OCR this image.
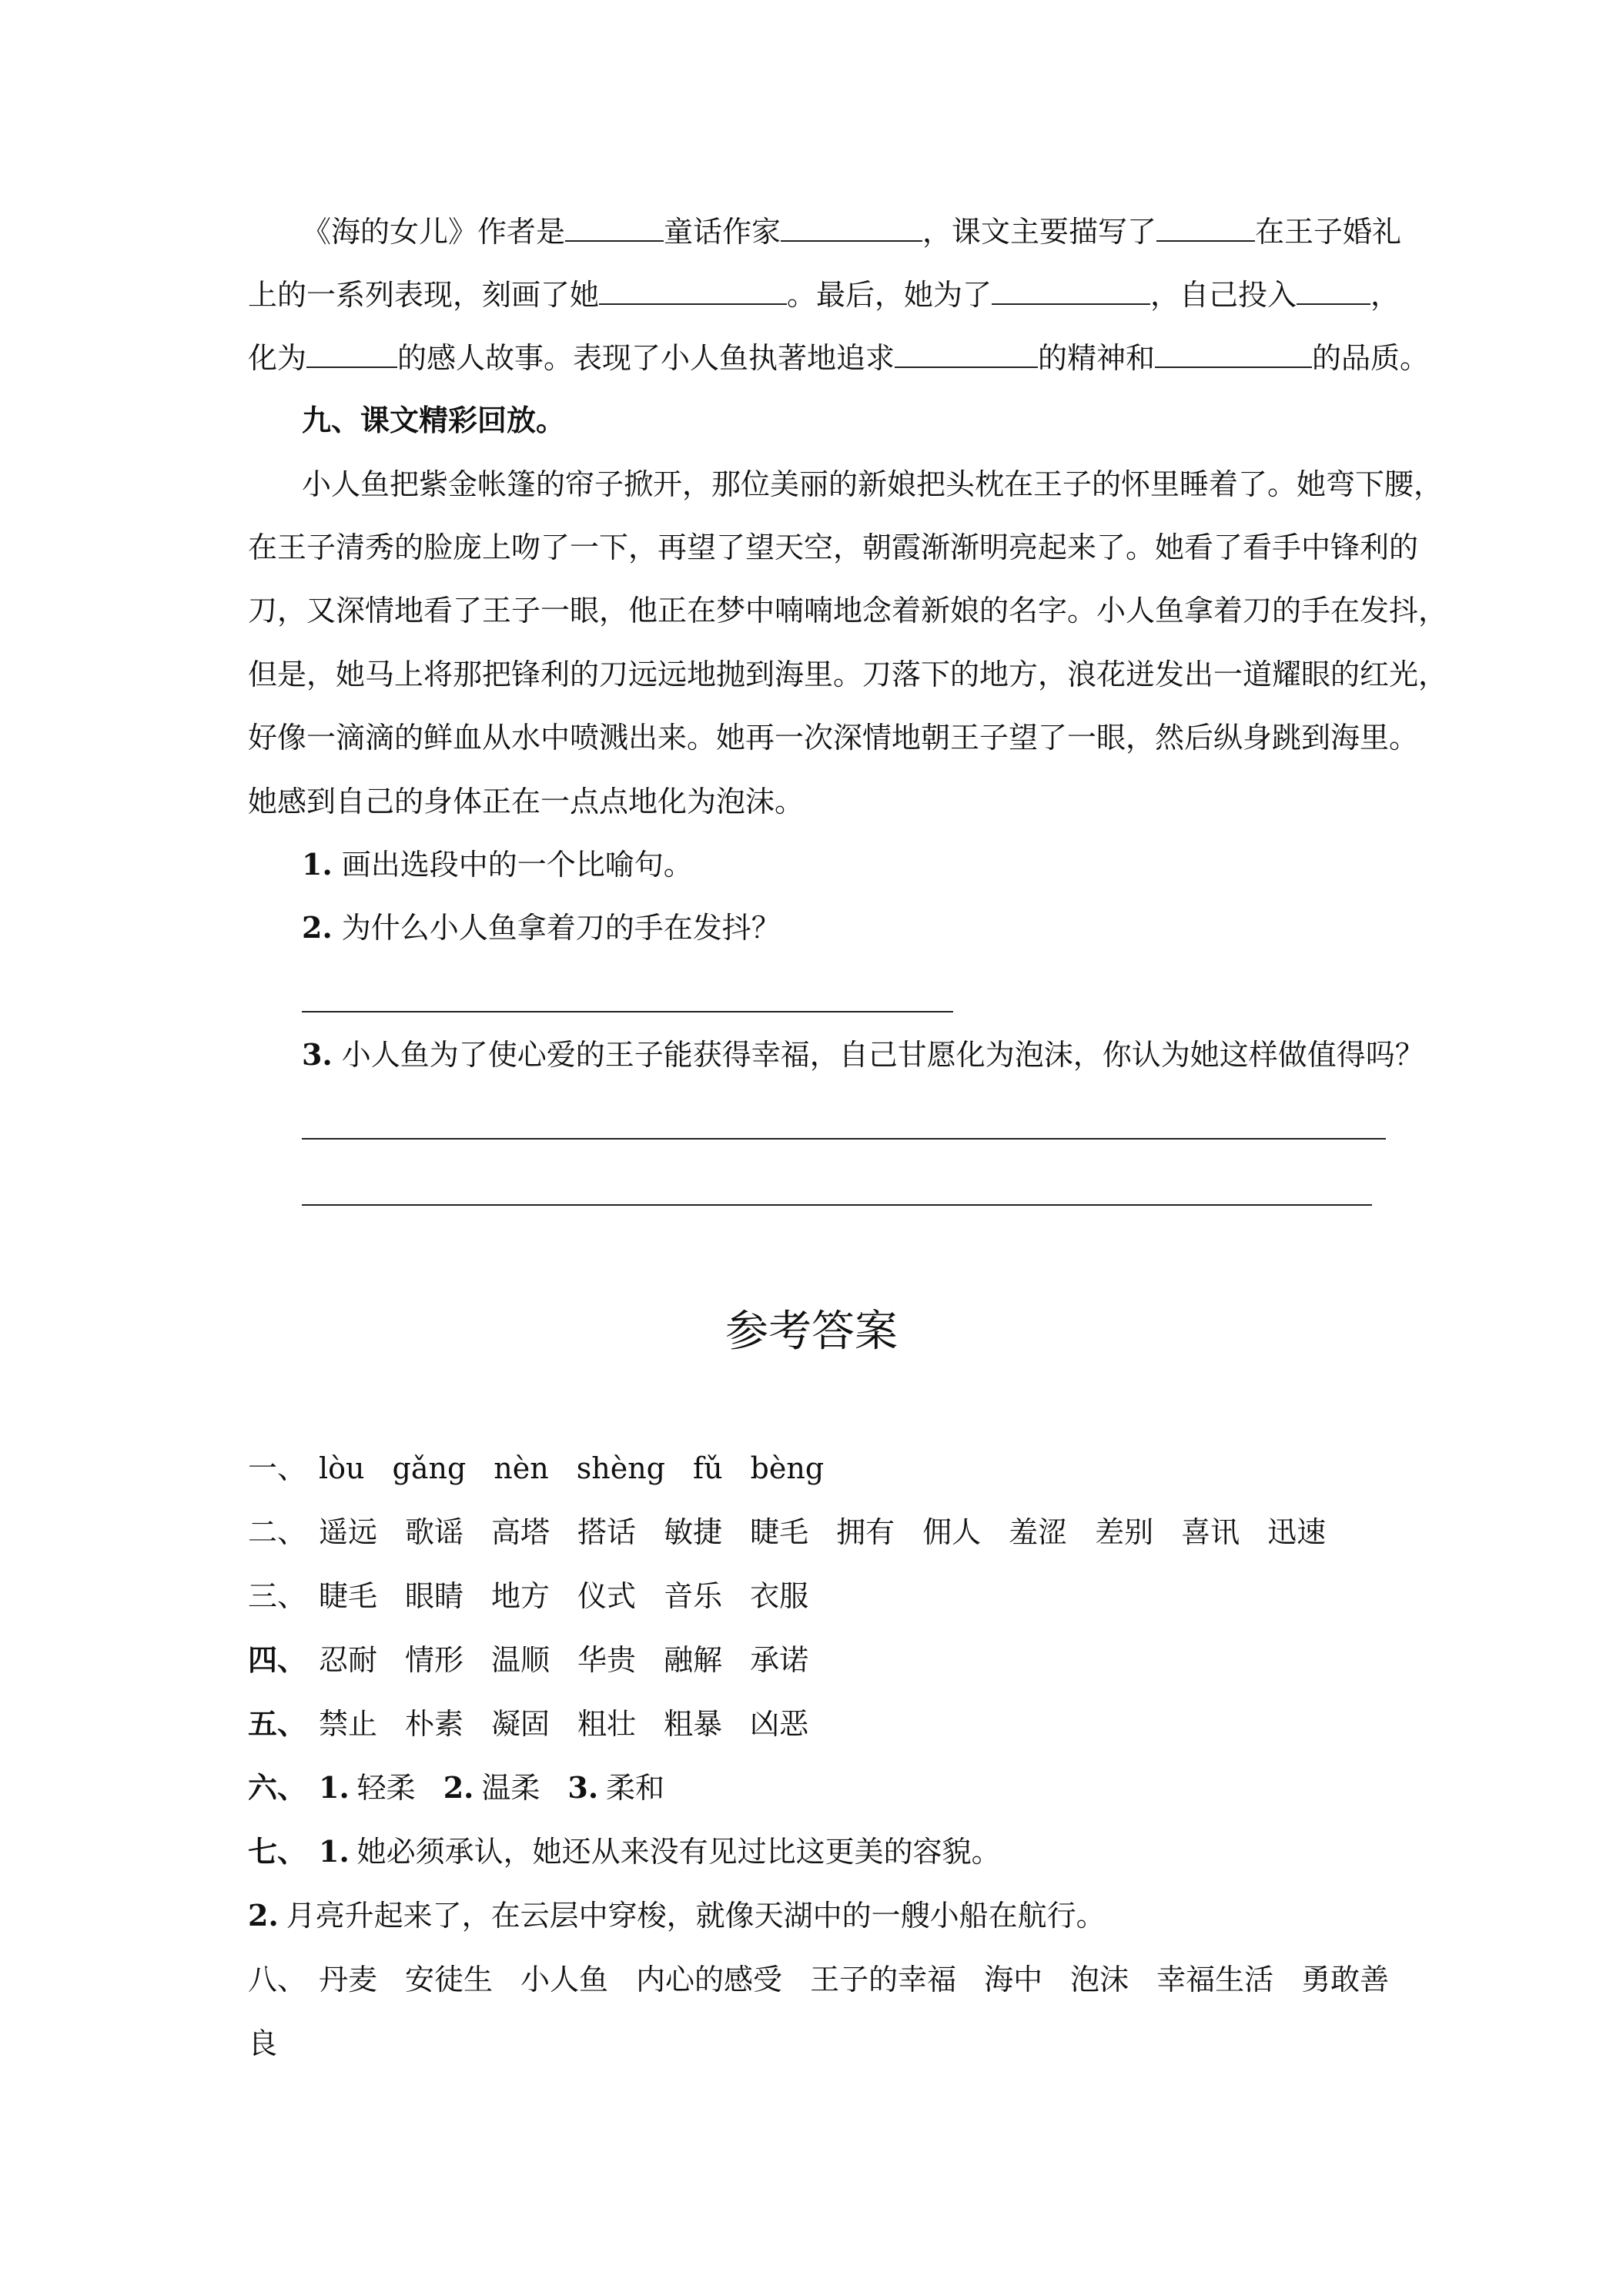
《海的女儿》作者是	童话作家	，课文主要描写了	在王子婚礼
上的一系列表现，刻画了她	。最后，她为了	，自己投入	，
化为	的感人故事。表现了小人鱼执著地追求	的精神和	的品质。
九、课文精彩回放。
小人鱼把紫金帐篷的帘子掀开，那位美丽的新娘把头枕在王子的怀里睡着了。她弯下腰，
在王子清秀的脸庞上吻了一下，再望了望天空，朝霞渐渐明亮起来了。她看了看手中锋利的
刀，又深情地看了王子一眼，他正在梦中喃喃地念着新娘的名字。小人鱼拿着刀的手在发抖，
但是，她马上将那把锋利的刀远远地抛到海里。刀落下的地方，浪花迸发出一道耀眼的红光，
好像一滴滴的鲜血从水中喷溅出来。她再一次深情地朝王子望了一眼，然后纵身跳到海里。
她感到自己的身体正在一点点地化为泡沫。
1. 画出选段中的一个比喻句。
2. 为什么小人鱼拿着刀的手在发抖？
3. 小人鱼为了使心爱的王子能获得幸福，自己甘愿化为泡沫，你认为她这样做值得吗？
参考答案
一、 lòu gǎng nèn shèng fǔ bèng
二、 遥远 歌谣 高塔 搭话 敏捷 睫毛 拥有 佣人 羞涩 差别 喜讯 迅速
三、 睫毛 眼睛 地方 仪式 音乐 衣服
四、 忍耐 情形 温顺 华贵 融解 承诺
五、 禁止 朴素 凝固 粗壮 粗暴 凶恶
六、 1. 轻柔 2. 温柔 3. 柔和
七、 1. 她必须承认，她还从来没有见过比这更美的容貌。
2. 月亮升起来了，在云层中穿梭，就像天湖中的一艘小船在航行。
八、 丹麦 安徒生 小人鱼 内心的感受 王子的幸福 海中 泡沫 幸福生活 勇敢善
良
